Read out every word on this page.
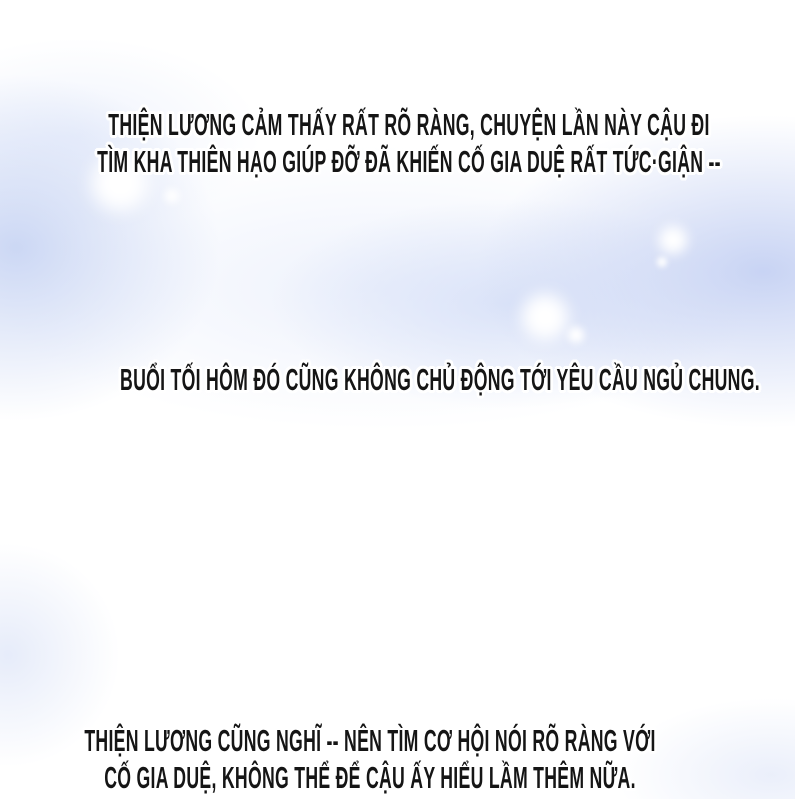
THIỆN LƯƠNG CẢM THẤY RẤT RÕ RÀNG, CHUYỆN LẦN NÀY CẬU ĐI
TÌM KHA THIÊN HẠO GIÚP ĐỠ ĐÃ KHIẾN CỐ GIA DUỆ RẤT TỨC·GIẬN --
BUỔI TỐI HÔM ĐÓ CŨNG KHÔNG CHỦ ĐỘNG TỚI YÊU CẦU NGỦ CHUNG.
THIỆN LƯƠNG CŨNG NGHĨ -- NÊN TÌM CƠ HỘI NÓI RÕ RÀNG VỚI
CỐ GIA DUỆ, KHÔNG THỂ ĐỂ CẬU ẤY HIỂU LẦM THÊM NỮA.
